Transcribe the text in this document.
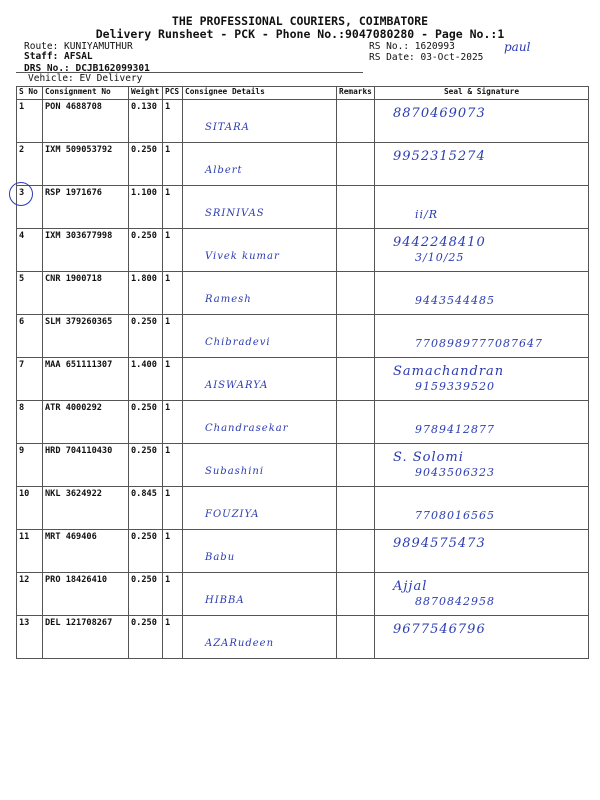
THE PROFESSIONAL COURIERS, COIMBATORE
Delivery Runsheet - PCK - Phone No.:9047080280 - Page No.:1
Route: KUNIYAMUTHUR
Staff: AFSAL
DRS No.: DCJB162099301
Vehicle: EV Delivery
RS No.: 1620993
RS Date: 03-Oct-2025
paul
S No	Consignment No	Weight	PCS	Consignee Details	Remarks	Seal & Signature
1	PON 4688708	0.130	1	SITARA		8870469073

2	IXM 509053792	0.250	1	Albert		9952315274

3	RSP 1971676	1.100	1	SRINIVAS		ii/R

4	IXM 303677998	0.250	1	Vivek kumar		9442248410
3/10/25

5	CNR 1900718	1.800	1	Ramesh		9443544485

6	SLM 379260365	0.250	1	Chibradevi		7708989777087647

7	MAA 651111307	1.400	1	AISWARYA		Samachandran
9159339520

8	ATR 4000292	0.250	1	Chandrasekar		9789412877

9	HRD 704110430	0.250	1	Subashini		S. Solomi
9043506323

10	NKL 3624922	0.845	1	FOUZIYA		7708016565

11	MRT 469406	0.250	1	Babu		9894575473

12	PRO 18426410	0.250	1	HIBBA		Ajjal
8870842958

13	DEL 121708267	0.250	1	AZARudeen		9677546796
